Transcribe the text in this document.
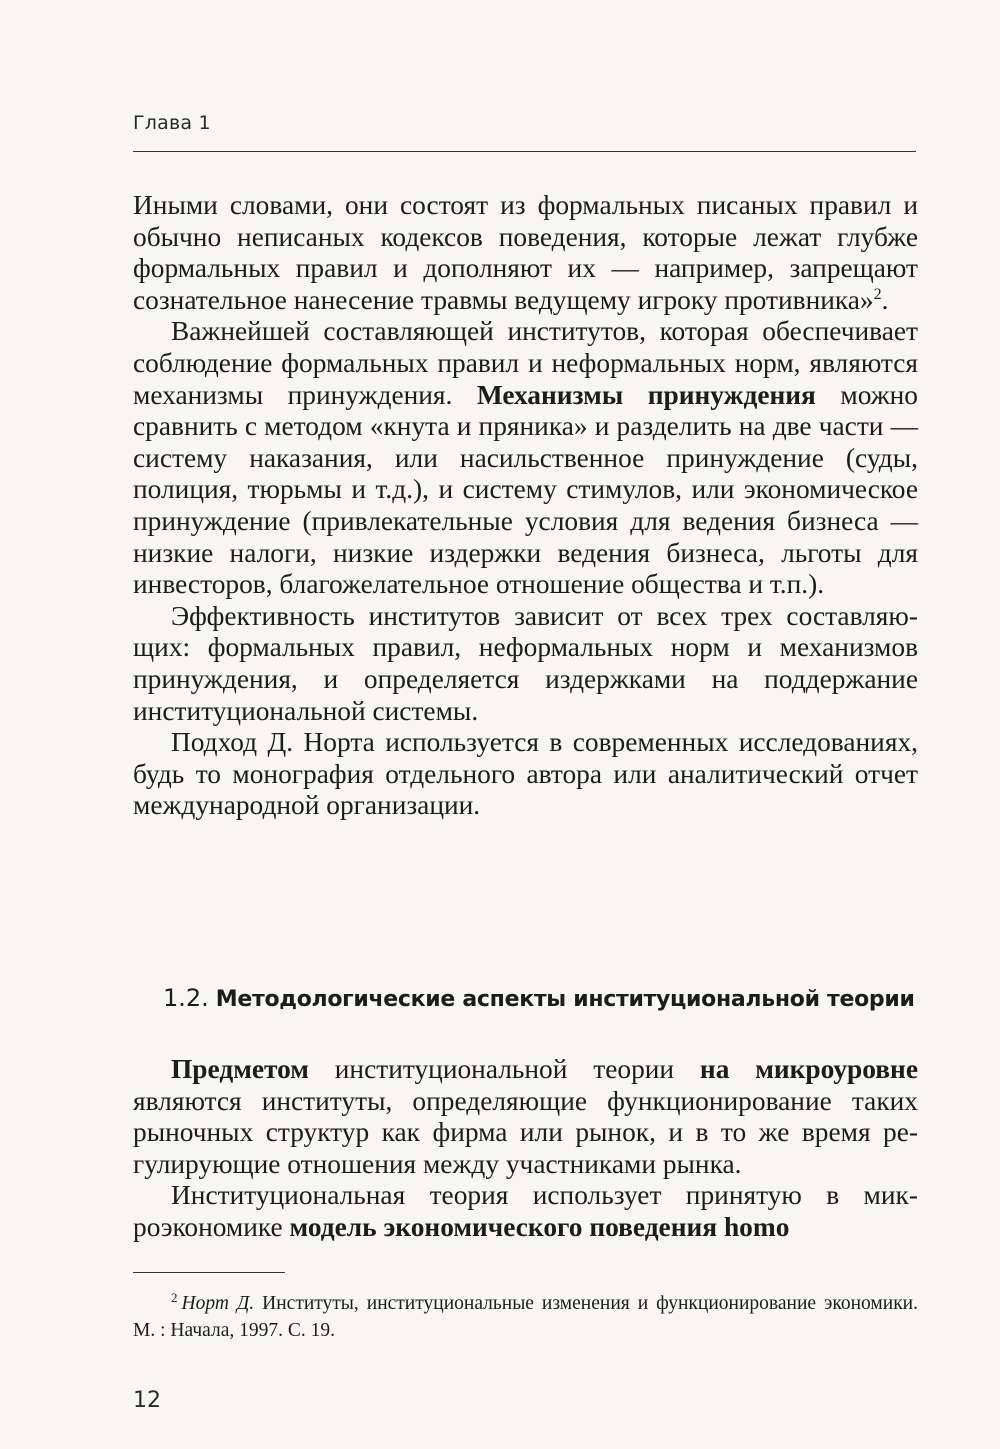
Глава 1

Иными словами, они состоят из формальных писаных правил и обычно неписаных кодексов поведения, которые лежат глубже формальных правил и дополняют их — например, запрещают сознательное нанесение травмы ведущему игроку противника»$^2$.

Важнейшей составляющей институтов, которая обеспечивает соблюдение формальных правил и неформальных норм, являются механизмы принуждения. Механизмы принуждения можно сравнить с методом «кнута и пряника» и разделить на две части — систему наказания, или насильственное принуждение (суды, полиция, тюрьмы и т.д.), и систему стимулов, или экономическое принуждение (привлекательные условия для ведения бизнеса — низкие налоги, низкие издержки ведения бизнеса, льготы для инвесторов, благожелательное отношение общества и т.п.).

Эффективность институтов зависит от всех трех составляющих: формальных правил, неформальных норм и механизмов принуждения, и определяется издержками на поддержание институциональной системы.

Подход Д. Норта используется в современных исследованиях, будь то монография отдельного автора или аналитический отчет международной организации.

1.2. Методологические аспекты институциональной теории

Предметом институциональной теории на микроуровне являются институты, определяющие функционирование таких рыночных структур как фирма или рынок, и в то же время регулирующие отношения между участниками рынка.

Институциональная теория использует принятую в микроэкономике модель экономического поведения homo

$^2$ Норт Д. Институты, институциональные изменения и функционирование экономики. М. : Начала, 1997. С. 19.

12
